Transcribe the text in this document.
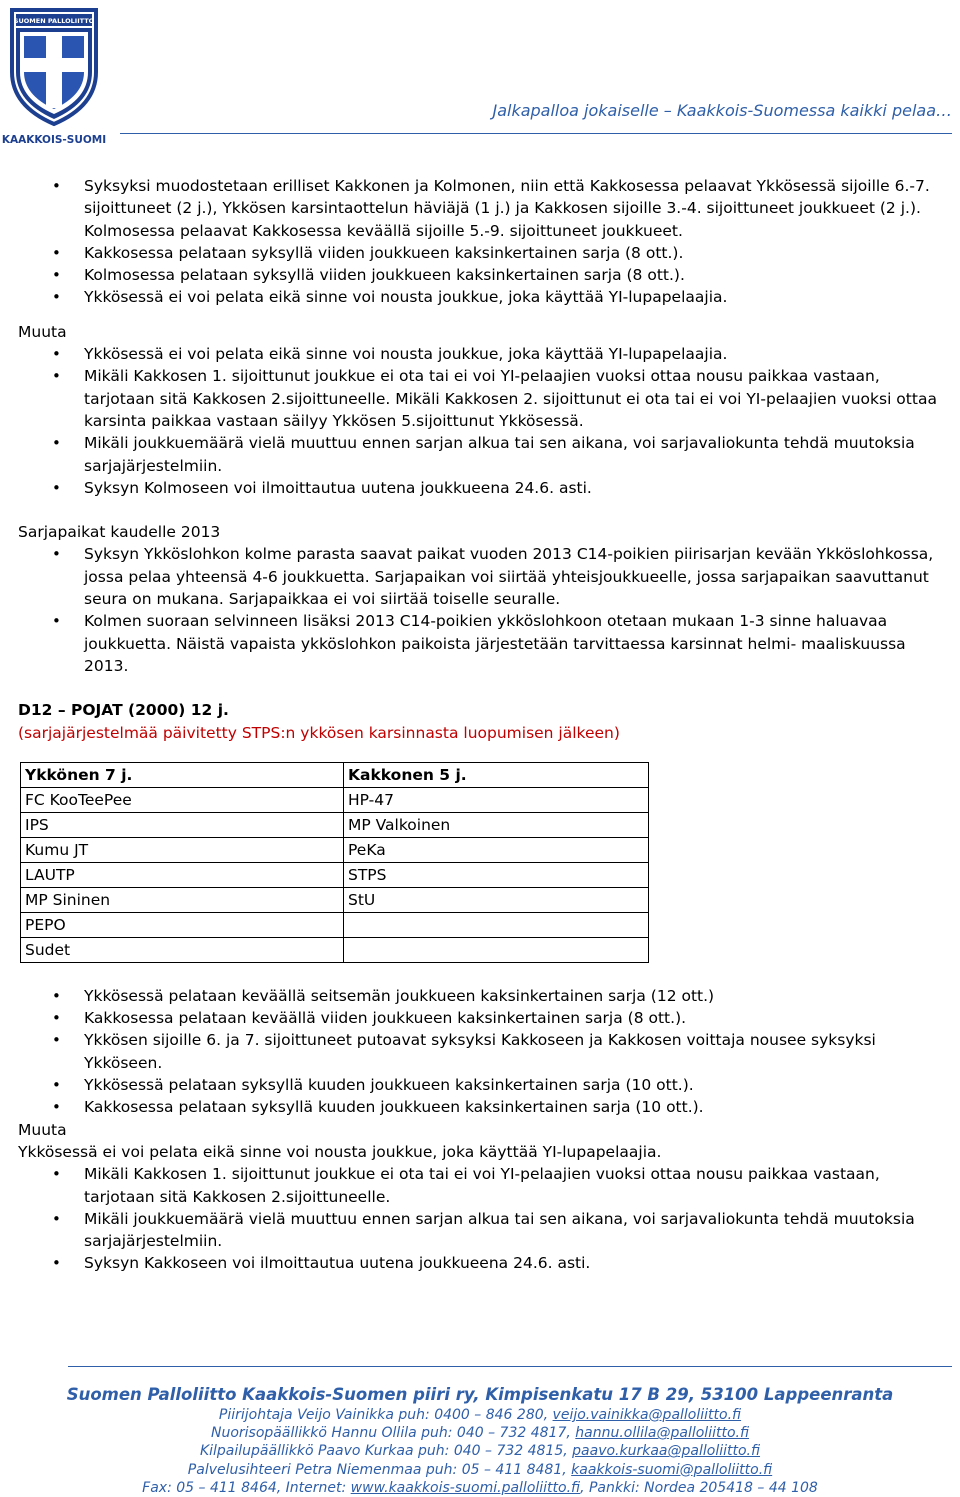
SUOMEN PALLOLIITTO
KAAKKOIS-SUOMI
Jalkapalloa jokaiselle – Kaakkois-Suomessa kaikki pelaa…
• Syksyksi muodostetaan erilliset Kakkonen ja Kolmonen, niin että Kakkosessa pelaavat Ykkösessä sijoille 6.-7. sijoittuneet (2 j.), Ykkösen karsintaottelun häviäjä (1 j.) ja Kakkosen sijoille 3.-4. sijoittuneet joukkueet (2 j.). Kolmosessa pelaavat Kakkosessa keväällä sijoille 5.-9. sijoittuneet joukkueet.
• Kakkosessa pelataan syksyllä viiden joukkueen kaksinkertainen sarja (8 ott.).
• Kolmosessa pelataan syksyllä viiden joukkueen kaksinkertainen sarja (8 ott.).
• Ykkösessä ei voi pelata eikä sinne voi nousta joukkue, joka käyttää YI-lupapelaajia.

Muuta

• Ykkösessä ei voi pelata eikä sinne voi nousta joukkue, joka käyttää YI-lupapelaajia.
• Mikäli Kakkosen 1. sijoittunut joukkue ei ota tai ei voi YI-pelaajien vuoksi ottaa nousu paikkaa vastaan, tarjotaan sitä Kakkosen 2.sijoittuneelle. Mikäli Kakkosen 2. sijoittunut ei ota tai ei voi YI-pelaajien vuoksi ottaa karsinta paikkaa vastaan säilyy Ykkösen 5.sijoittunut Ykkösessä.
• Mikäli joukkuemäärä vielä muuttuu ennen sarjan alkua tai sen aikana, voi sarjavaliokunta tehdä muutoksia sarjajärjestelmiin.
• Syksyn Kolmoseen voi ilmoittautua uutena joukkueena 24.6. asti.

Sarjapaikat kaudelle 2013

• Syksyn Ykköslohkon kolme parasta saavat paikat vuoden 2013 C14-poikien piirisarjan kevään Ykköslohkossa, jossa pelaa yhteensä 4-6 joukkuetta. Sarjapaikan voi siirtää yhteisjoukkueelle, jossa sarjapaikan saavuttanut seura on mukana. Sarjapaikkaa ei voi siirtää toiselle seuralle.
• Kolmen suoraan selvinneen lisäksi 2013 C14-poikien ykköslohkoon otetaan mukaan 1-3 sinne haluavaa joukkuetta. Näistä vapaista ykköslohkon paikoista järjestetään tarvittaessa karsinnat helmi- maaliskuussa 2013.

D12 – POJAT (2000) 12 j.

(sarjajärjestelmää päivitetty STPS:n ykkösen karsinnasta luopumisen jälkeen)

Ykkönen 7 j.	Kakkonen 5 j.
FC KooTeePee	HP-47
IPS	MP Valkoinen
Kumu JT	PeKa
LAUTP	STPS
MP Sininen	StU
PEPO	
Sudet	
• Ykkösessä pelataan keväällä seitsemän joukkueen kaksinkertainen sarja (12 ott.)
• Kakkosessa pelataan keväällä viiden joukkueen kaksinkertainen sarja (8 ott.).
• Ykkösen sijoille 6. ja 7. sijoittuneet putoavat syksyksi Kakkoseen ja Kakkosen voittaja nousee syksyksi Ykköseen.
• Ykkösessä pelataan syksyllä kuuden joukkueen kaksinkertainen sarja (10 ott.).
• Kakkosessa pelataan syksyllä kuuden joukkueen kaksinkertainen sarja (10 ott.).

Muuta

Ykkösessä ei voi pelata eikä sinne voi nousta joukkue, joka käyttää YI-lupapelaajia.

• Mikäli Kakkosen 1. sijoittunut joukkue ei ota tai ei voi YI-pelaajien vuoksi ottaa nousu paikkaa vastaan, tarjotaan sitä Kakkosen 2.sijoittuneelle.
• Mikäli joukkuemäärä vielä muuttuu ennen sarjan alkua tai sen aikana, voi sarjavaliokunta tehdä muutoksia sarjajärjestelmiin.
• Syksyn Kakkoseen voi ilmoittautua uutena joukkueena 24.6. asti.
Suomen Palloliitto Kaakkois-Suomen piiri ry, Kimpisenkatu 17 B 29, 53100 Lappeenranta
Piirijohtaja Veijo Vainikka puh: 0400 – 846 280, veijo.vainikka@palloliitto.fi
Nuorisopäällikkö Hannu Ollila puh: 040 – 732 4817, hannu.ollila@palloliitto.fi
Kilpailupäällikkö Paavo Kurkaa puh: 040 – 732 4815, paavo.kurkaa@palloliitto.fi
Palvelusihteeri Petra Niemenmaa puh: 05 – 411 8481, kaakkois-suomi@palloliitto.fi
Fax: 05 – 411 8464, Internet: www.kaakkois-suomi.palloliitto.fi, Pankki: Nordea 205418 – 44 108
